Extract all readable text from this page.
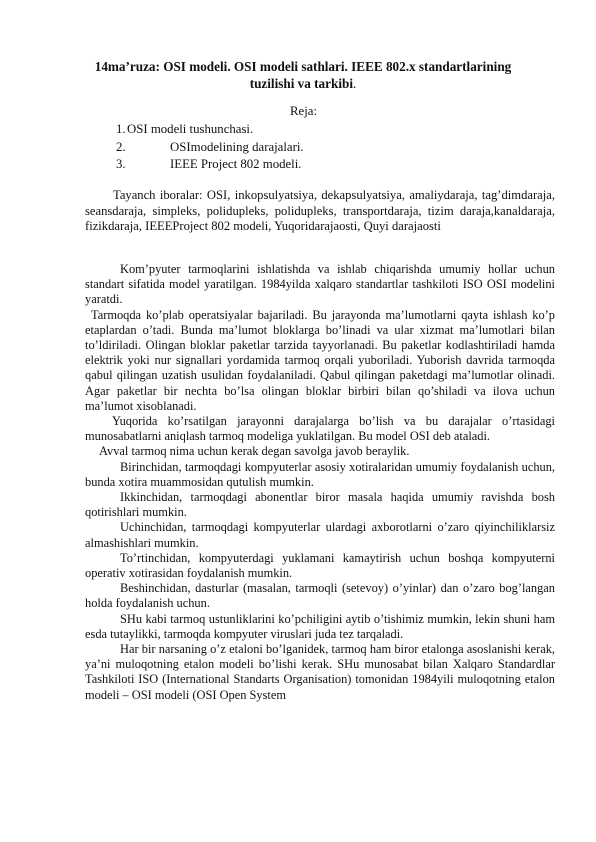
14ma’ruza: OSI modeli. OSI modeli sathlari. IEEE 802.x standartlarining tuzilishi va tarkibi.
Reja:
1. OSI modeli tushunchasi.
2.	OSImodelining darajalari.
3.	IEEE Project 802 modeli.

Tayanch iboralar: OSI, inkopsulyatsiya, dekapsulyatsiya, amaliydaraja, tag’dimdaraja, seansdaraja, simpleks, polidupleks, polidupleks, transportdaraja, tizim daraja,kanaldaraja, fizikdaraja, IEEEProject 802 modeli, Yuqoridarajaosti, Quyi darajaosti

Kom’pyuter tarmoqlarini ishlatishda va ishlab chiqarishda umumiy hollar uchun standart sifatida model yaratilgan. 1984yilda xalqaro standartlar tashkiloti ISO OSI modelini yaratdi.

Tarmoqda ko’plab operatsiyalar bajariladi. Bu jarayonda ma’lumotlarni qayta ishlash ko’p etaplardan o’tadi. Bunda ma’lumot bloklarga bo’linadi va ular xizmat ma’lumotlari bilan to’ldiriladi. Olingan bloklar paketlar tarzida tayyorlanadi. Bu paketlar kodlashtiriladi hamda elektrik yoki nur signallari yordamida tarmoq orqali yuboriladi. Yuborish davrida tarmoqda qabul qilingan uzatish usulidan foydalaniladi. Qabul qilingan paketdagi ma’lumotlar olinadi. Agar paketlar bir nechta bo’lsa olingan bloklar birbiri bilan qo’shiladi va ilova uchun ma’lumot xisoblanadi.

Yuqorida ko’rsatilgan jarayonni darajalarga bo’lish va bu darajalar o’rtasidagi munosabatlarni aniqlash tarmoq modeliga yuklatilgan. Bu model OSI deb ataladi.

Avval tarmoq nima uchun kerak degan savolga javob beraylik.

Birinchidan, tarmoqdagi kompyuterlar asosiy xotiralaridan umumiy foydalanish uchun, bunda xotira muammosidan qutulish mumkin.

Ikkinchidan, tarmoqdagi abonentlar biror masala haqida umumiy ravishda bosh qotirishlari mumkin.

Uchinchidan, tarmoqdagi kompyuterlar ulardagi axborotlarni o’zaro qiyinchiliklarsiz almashishlari mumkin.

To’rtinchidan, kompyuterdagi yuklamani kamaytirish uchun boshqa kompyuterni operativ xotirasidan foydalanish mumkin.

Beshinchidan, dasturlar (masalan, tarmoqli (setevoy) o’yinlar) dan o’zaro bog’langan holda foydalanish uchun.

SHu kabi tarmoq ustunliklarini ko’pchiligini aytib o’tishimiz mumkin, lekin shuni ham esda tutaylikki, tarmoqda kompyuter viruslari juda tez tarqaladi.

Har bir narsaning o’z etaloni bo’lganidek, tarmoq ham biror etalonga asoslanishi kerak, ya’ni muloqotning etalon modeli bo’lishi kerak. SHu munosabat bilan Xalqaro Standardlar Tashkiloti ISO (International Standarts Organisation) tomonidan 1984yili muloqotning etalon modeli – OSI modeli (OSI Open System
